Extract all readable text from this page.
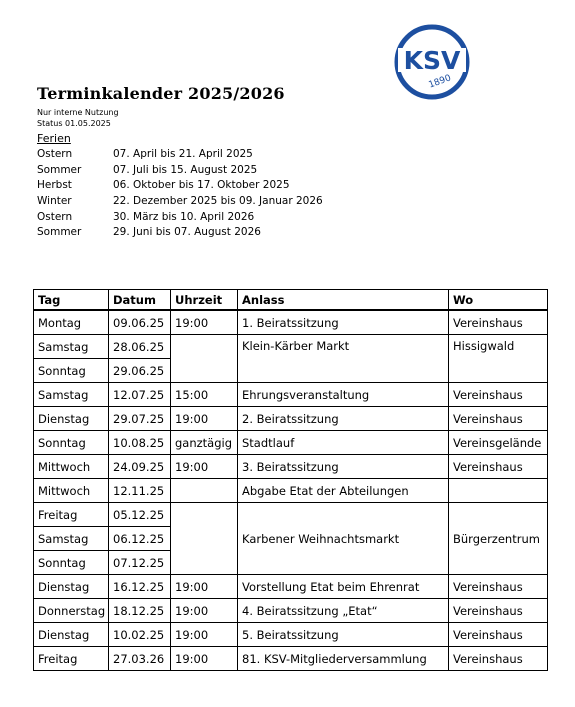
KSV
1890
Terminkalender 2025/2026
Nur interne Nutzung
Status 01.05.2025
Ferien
Ostern	07. April bis 21. April 2025
Sommer	07. Juli bis 15. August 2025
Herbst	06. Oktober bis 17. Oktober 2025
Winter	22. Dezember 2025 bis 09. Januar 2026
Ostern	30. März bis 10. April 2026
Sommer	29. Juni bis 07. August 2026
Tag	Datum	Uhrzeit	Anlass	Wo
Montag	09.06.25	19:00	1. Beiratssitzung	Vereinshaus
Samstag	28.06.25		Klein-Kärber Markt	Hissigwald
Sonntag	29.06.25			
Samstag	12.07.25	15:00	Ehrungsveranstaltung	Vereinshaus
Dienstag	29.07.25	19:00	2. Beiratssitzung	Vereinshaus
Sonntag	10.08.25	ganztägig	Stadtlauf	Vereinsgelände
Mittwoch	24.09.25	19:00	3. Beiratssitzung	Vereinshaus
Mittwoch	12.11.25		Abgabe Etat der Abteilungen	
Freitag	05.12.25		Karbener Weihnachtsmarkt	Bürgerzentrum
Samstag	06.12.25			
Sonntag	07.12.25			
Dienstag	16.12.25	19:00	Vorstellung Etat beim Ehrenrat	Vereinshaus
Donnerstag	18.12.25	19:00	4. Beiratssitzung „Etat“	Vereinshaus
Dienstag	10.02.25	19:00	5. Beiratssitzung	Vereinshaus
Freitag	27.03.26	19:00	81. KSV-Mitgliederversammlung	Vereinshaus
